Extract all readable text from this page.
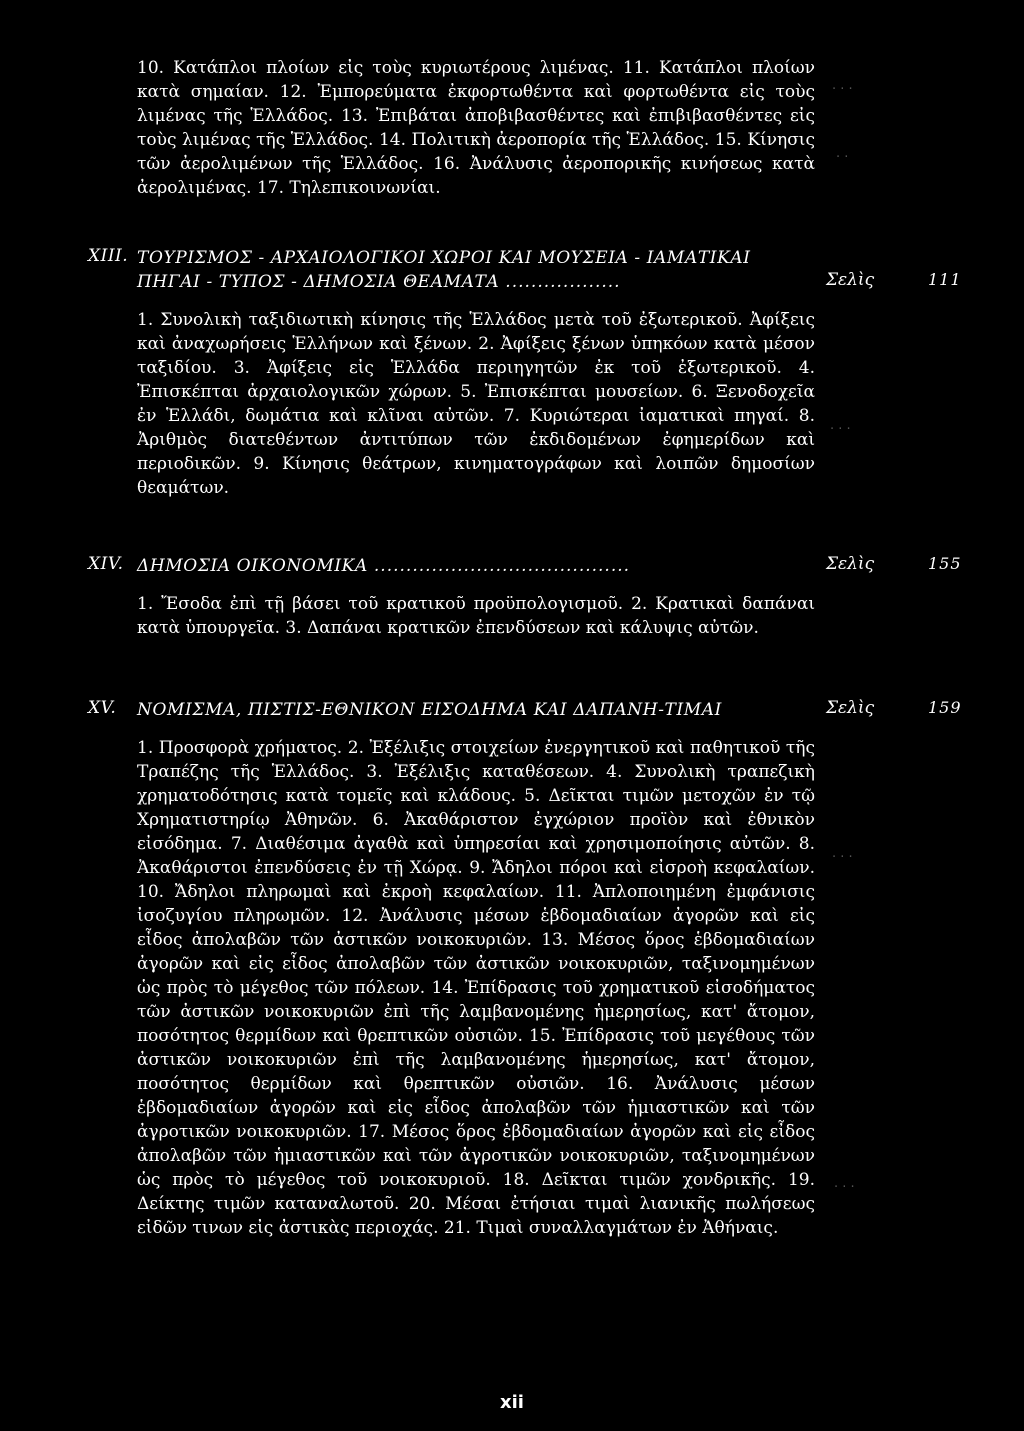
10. Κατάπλοι πλοίων εἰς τοὺς κυριωτέρους λιμένας. 11. Κατάπλοι πλοίων κατὰ σημαίαν. 12. Ἐμπορεύματα ἐκφορτωθέντα καὶ φορτωθέντα εἰς τοὺς λιμένας τῆς Ἑλλάδος. 13. Ἐπιβάται ἀποβιβασθέντες καὶ ἐπιβιβασθέντες εἰς τοὺς λιμένας τῆς Ἑλλάδος. 14. Πολιτικὴ ἀεροπορία τῆς Ἑλλάδος. 15. Κίνησις τῶν ἀερολιμένων τῆς Ἑλλάδος. 16. Ἀνάλυσις ἀεροπορικῆς κινήσεως κατὰ ἀερολιμένας. 17. Τηλεπικοινωνίαι.

XIII. ΤΟΥΡΙΣΜΟΣ - ΑΡΧΑΙΟΛΟΓΙΚΟΙ ΧΩΡΟΙ ΚΑΙ ΜΟΥΣΕΙΑ - ΙΑΜΑΤΙΚΑΙ ΠΗΓΑΙ - ΤΥΠΟΣ - ΔΗΜΟΣΙΑ ΘΕΑΜΑΤΑ ..................	Σελὶς	111

1. Συνολικὴ ταξιδιωτικὴ κίνησις τῆς Ἑλλάδος μετὰ τοῦ ἐξωτερικοῦ. Ἀφίξεις καὶ ἀναχωρήσεις Ἑλλήνων καὶ ξένων. 2. Ἀφίξεις ξένων ὑπηκόων κατὰ μέσον ταξιδίου. 3. Ἀφίξεις εἰς Ἑλλάδα περιηγητῶν ἐκ τοῦ ἐξωτερικοῦ. 4. Ἐπισκέπται ἀρχαιολογικῶν χώρων. 5. Ἐπισκέπται μουσείων. 6. Ξενοδοχεῖα ἐν Ἑλλάδι, δωμάτια καὶ κλῖναι αὐτῶν. 7. Κυριώτεραι ἰαματικαὶ πηγαί. 8. Ἀριθμὸς διατεθέντων ἀντιτύπων τῶν ἐκδιδομένων ἐφημερίδων καὶ περιοδικῶν. 9. Κίνησις θεάτρων, κινηματογράφων καὶ λοιπῶν δημοσίων θεαμάτων.

XIV. ΔΗΜΟΣΙΑ ΟΙΚΟΝΟΜΙΚΑ ........................................	Σελὶς	155

1. Ἔσοδα ἐπὶ τῇ βάσει τοῦ κρατικοῦ προϋπολογισμοῦ. 2. Κρατικαὶ δαπάναι κατὰ ὑπουργεῖα. 3. Δαπάναι κρατικῶν ἐπενδύσεων καὶ κάλυψις αὐτῶν.

XV. ΝΟΜΙΣΜΑ, ΠΙΣΤΙΣ-ΕΘΝΙΚΟΝ ΕΙΣΟΔΗΜΑ ΚΑΙ ΔΑΠΑΝΗ-ΤΙΜΑΙ	Σελὶς	159

1. Προσφορὰ χρήματος. 2. Ἐξέλιξις στοιχείων ἐνεργητικοῦ καὶ παθητικοῦ τῆς Τραπέζης τῆς Ἑλλάδος. 3. Ἐξέλιξις καταθέσεων. 4. Συνολικὴ τραπεζικὴ χρηματοδότησις κατὰ τομεῖς καὶ κλάδους. 5. Δεῖκται τιμῶν μετοχῶν ἐν τῷ Χρηματιστηρίῳ Ἀθηνῶν. 6. Ἀκαθάριστον ἐγχώριον προϊὸν καὶ ἐθνικὸν εἰσόδημα. 7. Διαθέσιμα ἀγαθὰ καὶ ὑπηρεσίαι καὶ χρησιμοποίησις αὐτῶν. 8. Ἀκαθάριστοι ἐπενδύσεις ἐν τῇ Χώρᾳ. 9. Ἄδηλοι πόροι καὶ εἰσροὴ κεφαλαίων. 10. Ἄδηλοι πληρωμαὶ καὶ ἐκροὴ κεφαλαίων. 11. Ἀπλοποιημένη ἐμφάνισις ἰσοζυγίου πληρωμῶν. 12. Ἀνάλυσις μέσων ἑβδομαδιαίων ἀγορῶν καὶ εἰς εἶδος ἀπολαβῶν τῶν ἀστικῶν νοικοκυριῶν. 13. Μέσος ὅρος ἑβδομαδιαίων ἀγορῶν καὶ εἰς εἶδος ἀπολαβῶν τῶν ἀστικῶν νοικοκυριῶν, ταξινομημένων ὡς πρὸς τὸ μέγεθος τῶν πόλεων. 14. Ἐπίδρασις τοῦ χρηματικοῦ εἰσοδήματος τῶν ἀστικῶν νοικοκυριῶν ἐπὶ τῆς λαμβανομένης ἡμερησίως, κατ' ἄτομον, ποσότητος θερμίδων καὶ θρεπτικῶν οὐσιῶν. 15. Ἐπίδρασις τοῦ μεγέθους τῶν ἀστικῶν νοικοκυριῶν ἐπὶ τῆς λαμβανομένης ἡμερησίως, κατ' ἄτομον, ποσότητος θερμίδων καὶ θρεπτικῶν οὐσιῶν. 16. Ἀνάλυσις μέσων ἑβδομαδιαίων ἀγορῶν καὶ εἰς εἶδος ἀπολαβῶν τῶν ἡμιαστικῶν καὶ τῶν ἀγροτικῶν νοικοκυριῶν. 17. Μέσος ὅρος ἑβδομαδιαίων ἀγορῶν καὶ εἰς εἶδος ἀπολαβῶν τῶν ἡμιαστικῶν καὶ τῶν ἀγροτικῶν νοικοκυριῶν, ταξινομημένων ὡς πρὸς τὸ μέγεθος τοῦ νοικοκυριοῦ. 18. Δεῖκται τιμῶν χονδρικῆς. 19. Δείκτης τιμῶν καταναλωτοῦ. 20. Μέσαι ἐτήσιαι τιμαὶ λιανικῆς πωλήσεως εἰδῶν τινων εἰς ἀστικὰς περιοχάς. 21. Τιμαὶ συναλλαγμάτων ἐν Ἀθήναις.

· · ·
· ·
· · ·
· · ·
· · ·
xii
